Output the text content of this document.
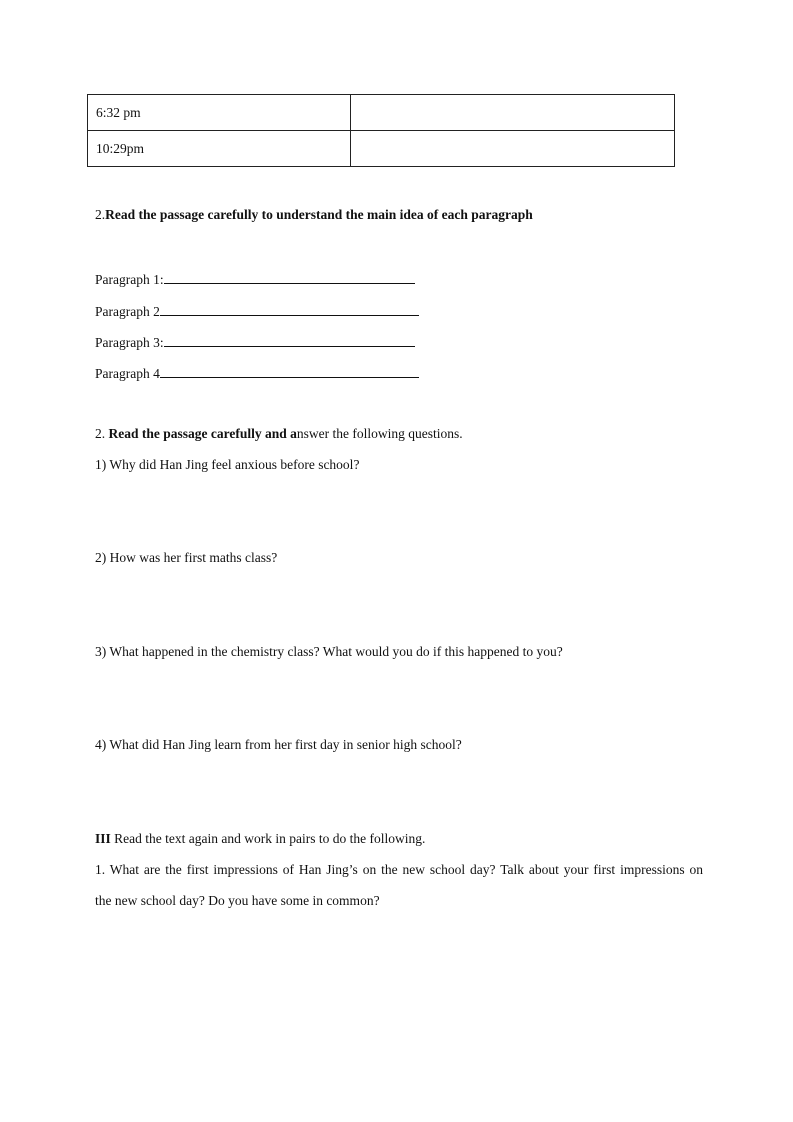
6:32 pm	
10:29pm	
2.Read the passage carefully to understand the main idea of each paragraph
Paragraph 1:
Paragraph 2
Paragraph 3:
Paragraph 4
2. Read the passage carefully and answer the following questions.
1) Why did Han Jing feel anxious before school?
2) How was her first maths class?
3) What happened in the chemistry class? What would you do if this happened to you?
4) What did Han Jing learn from her first day in senior high school?
III Read the text again and work in pairs to do the following.
1. What are the first impressions of Han Jing’s on the new school day? Talk about your first impressions on
the new school day? Do you have some in common?
